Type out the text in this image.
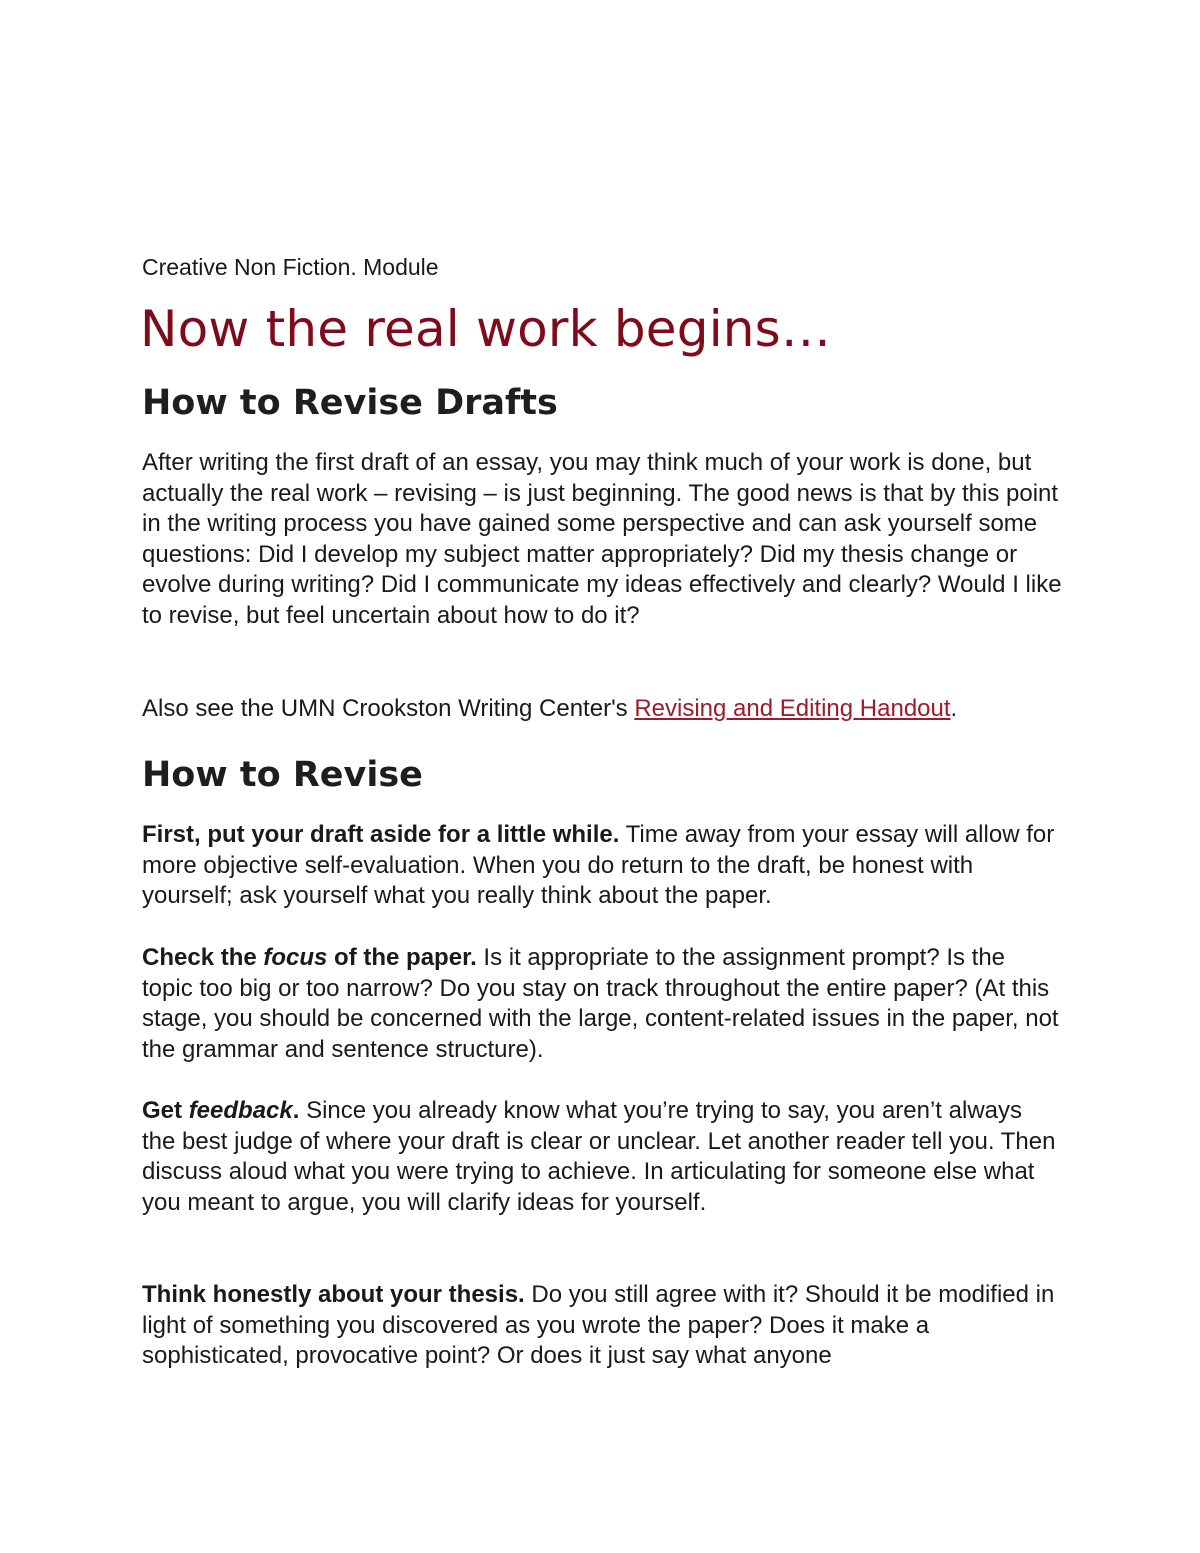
Creative Non Fiction. Module

Now the real work begins…
How to Revise Drafts

After writing the first draft of an essay, you may think much of your work is done, but actually the real work – revising – is just beginning. The good news is that by this point in the writing process you have gained some perspective and can ask yourself some questions: Did I develop my subject matter appropriately? Did my thesis change or evolve during writing? Did I communicate my ideas effectively and clearly? Would I like to revise, but feel uncertain about how to do it?

Also see the UMN Crookston Writing Center's Revising and Editing Handout.

How to Revise

First, put your draft aside for a little while. Time away from your essay will allow for more objective self-evaluation. When you do return to the draft, be honest with yourself; ask yourself what you really think about the paper.

Check the focus of the paper. Is it appropriate to the assignment prompt? Is the topic too big or too narrow? Do you stay on track throughout the entire paper? (At this stage, you should be concerned with the large, content-related issues in the paper, not the grammar and sentence structure).

Get feedback. Since you already know what you’re trying to say, you aren’t always the best judge of where your draft is clear or unclear. Let another reader tell you. Then discuss aloud what you were trying to achieve. In articulating for someone else what you meant to argue, you will clarify ideas for yourself.

Think honestly about your thesis. Do you still agree with it? Should it be modified in light of something you discovered as you wrote the paper? Does it make a sophisticated, provocative point? Or does it just say what anyone
